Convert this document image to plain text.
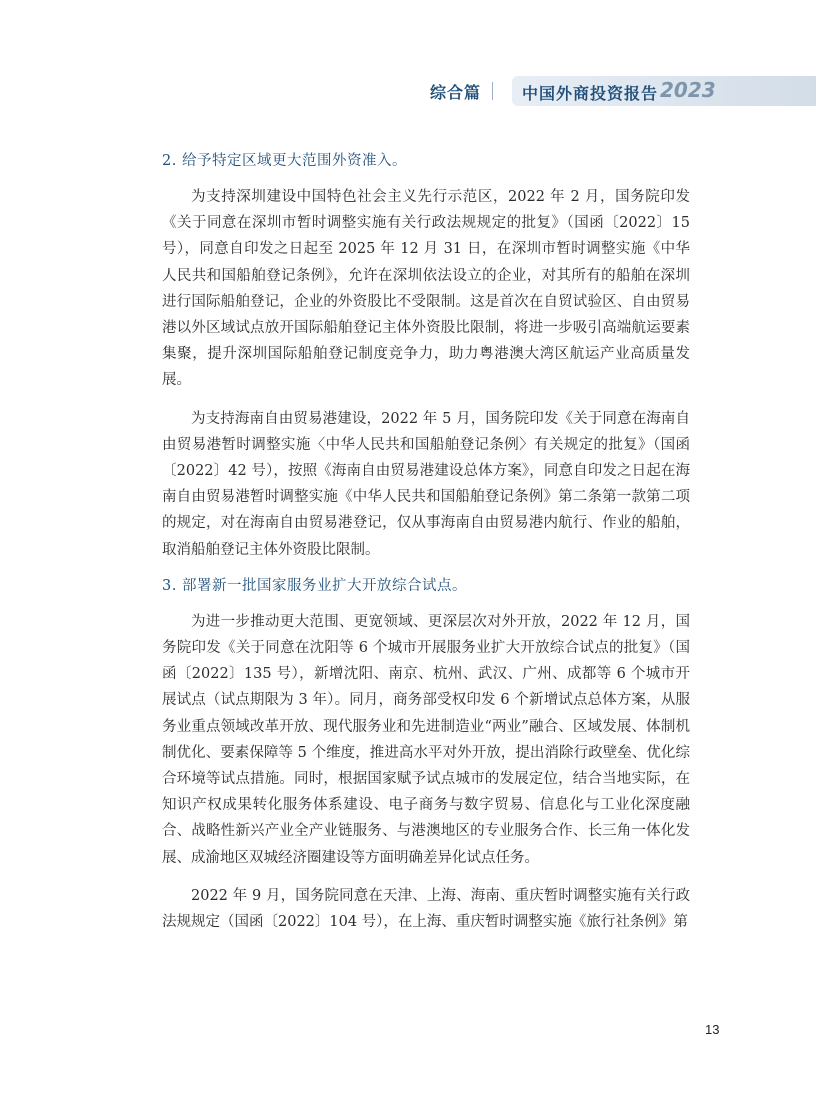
综合篇	中国外商投资报告 2023

2. 给予特定区域更大范围外资准入。

为支持深圳建设中国特色社会主义先行示范区，2022 年 2 月，国务院印发《关于同意在深圳市暂时调整实施有关行政法规规定的批复》（国函〔2022〕15 号），同意自印发之日起至 2025 年 12 月 31 日，在深圳市暂时调整实施《中华人民共和国船舶登记条例》，允许在深圳依法设立的企业，对其所有的船舶在深圳进行国际船舶登记，企业的外资股比不受限制。这是首次在自贸试验区、自由贸易港以外区域试点放开国际船舶登记主体外资股比限制，将进一步吸引高端航运要素集聚，提升深圳国际船舶登记制度竞争力，助力粤港澳大湾区航运产业高质量发展。

为支持海南自由贸易港建设，2022 年 5 月，国务院印发《关于同意在海南自由贸易港暂时调整实施〈中华人民共和国船舶登记条例〉有关规定的批复》（国函〔2022〕42 号），按照《海南自由贸易港建设总体方案》，同意自印发之日起在海南自由贸易港暂时调整实施《中华人民共和国船舶登记条例》第二条第一款第二项的规定，对在海南自由贸易港登记，仅从事海南自由贸易港内航行、作业的船舶，取消船舶登记主体外资股比限制。

3. 部署新一批国家服务业扩大开放综合试点。

为进一步推动更大范围、更宽领域、更深层次对外开放，2022 年 12 月，国务院印发《关于同意在沈阳等 6 个城市开展服务业扩大开放综合试点的批复》（国函〔2022〕135 号），新增沈阳、南京、杭州、武汉、广州、成都等 6 个城市开展试点（试点期限为 3 年）。同月，商务部受权印发 6 个新增试点总体方案，从服务业重点领域改革开放、现代服务业和先进制造业“两业”融合、区域发展、体制机制优化、要素保障等 5 个维度，推进高水平对外开放，提出消除行政壁垒、优化综合环境等试点措施。同时，根据国家赋予试点城市的发展定位，结合当地实际，在知识产权成果转化服务体系建设、电子商务与数字贸易、信息化与工业化深度融合、战略性新兴产业全产业链服务、与港澳地区的专业服务合作、长三角一体化发展、成渝地区双城经济圈建设等方面明确差异化试点任务。

2022 年 9 月，国务院同意在天津、上海、海南、重庆暂时调整实施有关行政法规规定（国函〔2022〕104 号），在上海、重庆暂时调整实施《旅行社条例》第

13
